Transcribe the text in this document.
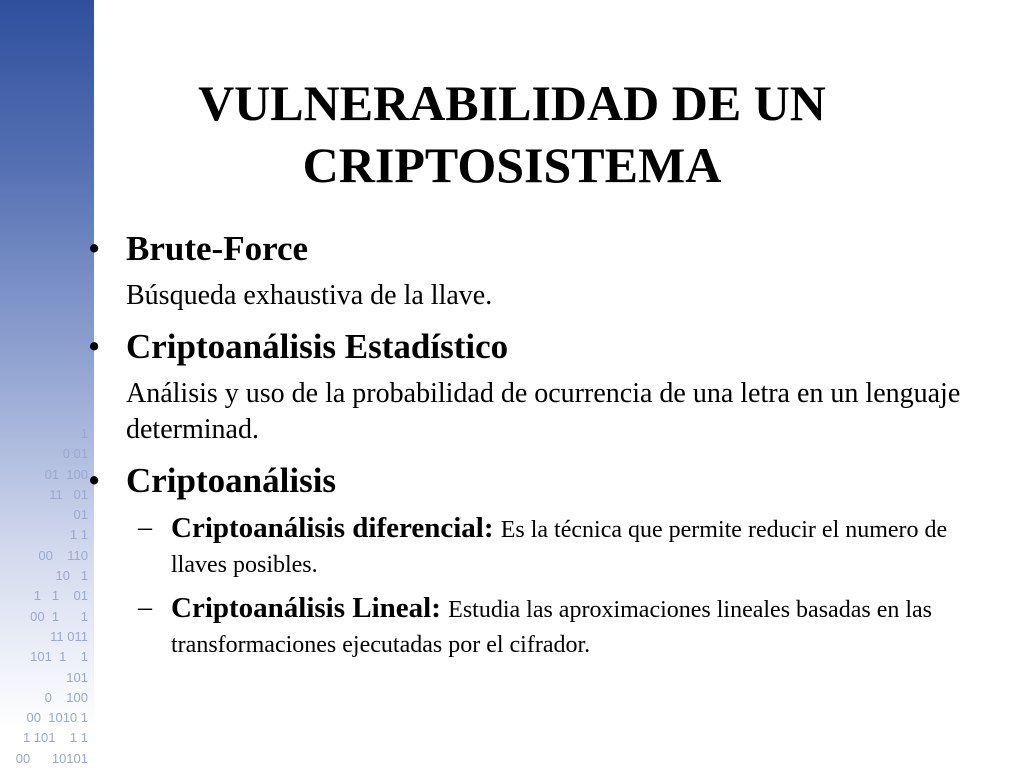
1
0 01
01  100
11   01
01
1 1
00    110
10   1
1   1    01
00  1      1
11 011
101  1    1
101
0    100
00  1010 1
1 101    1 1
00      10101
VULNERABILIDAD DE UN
CRIPTOSISTEMA
• Brute-Force
Búsqueda exhaustiva de la llave.
• Criptoanálisis Estadístico
Análisis y uso de la probabilidad de ocurrencia de una letra en un lenguaje determinad.
• Criptoanálisis
– Criptoanálisis diferencial: Es la técnica que permite reducir el numero de llaves posibles.
– Criptoanálisis Lineal: Estudia las aproximaciones lineales basadas en las transformaciones ejecutadas por el cifrador.
